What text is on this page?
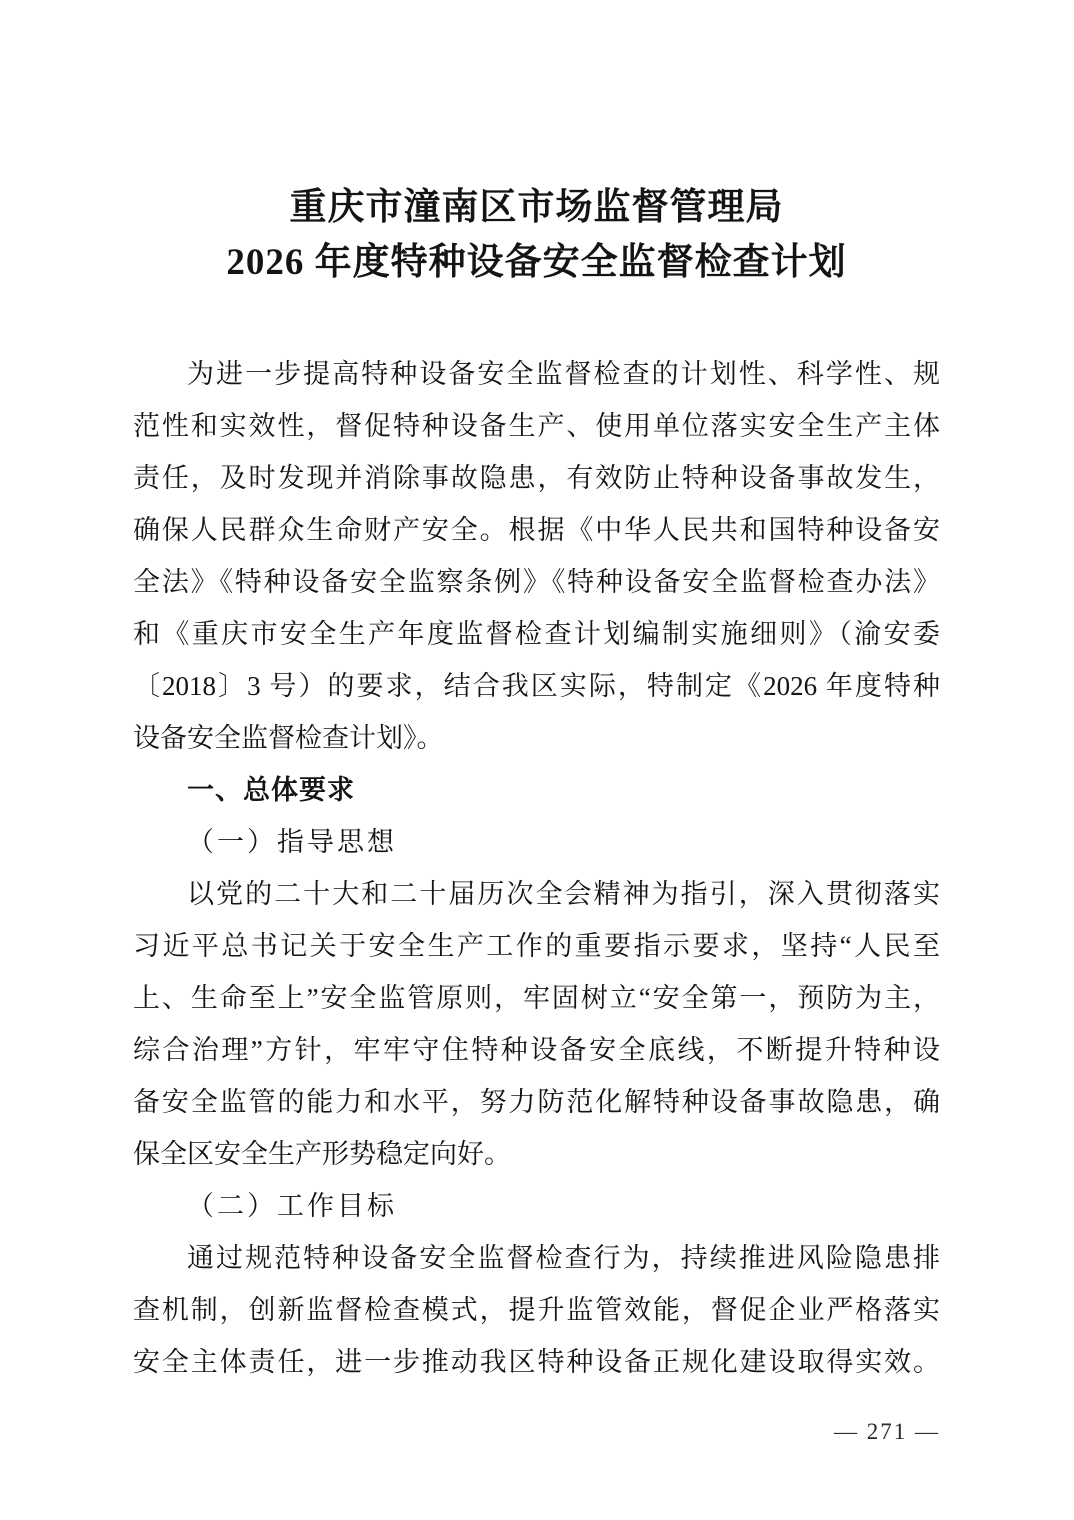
重庆市潼南区市场监督管理局
2026 年度特种设备安全监督检查计划
为进一步提高特种设备安全监督检查的计划性、科学性、规
范性和实效性，督促特种设备生产、使用单位落实安全生产主体
责任，及时发现并消除事故隐患，有效防止特种设备事故发生，
确保人民群众生命财产安全。根据《中华人民共和国特种设备安
全法》《特种设备安全监察条例》《特种设备安全监督检查办法》
和《重庆市安全生产年度监督检查计划编制实施细则》（渝安委
〔2018〕3 号）的要求，结合我区实际，特制定《2026 年度特种
设备安全监督检查计划》。
一、总体要求
（一）指导思想
以党的二十大和二十届历次全会精神为指引，深入贯彻落实
习近平总书记关于安全生产工作的重要指示要求，坚持“人民至
上、生命至上”安全监管原则，牢固树立“安全第一，预防为主，
综合治理”方针，牢牢守住特种设备安全底线，不断提升特种设
备安全监管的能力和水平，努力防范化解特种设备事故隐患，确
保全区安全生产形势稳定向好。
（二）工作目标
通过规范特种设备安全监督检查行为，持续推进风险隐患排
查机制，创新监督检查模式，提升监管效能，督促企业严格落实
安全主体责任，进一步推动我区特种设备正规化建设取得实效。
— 271 —
